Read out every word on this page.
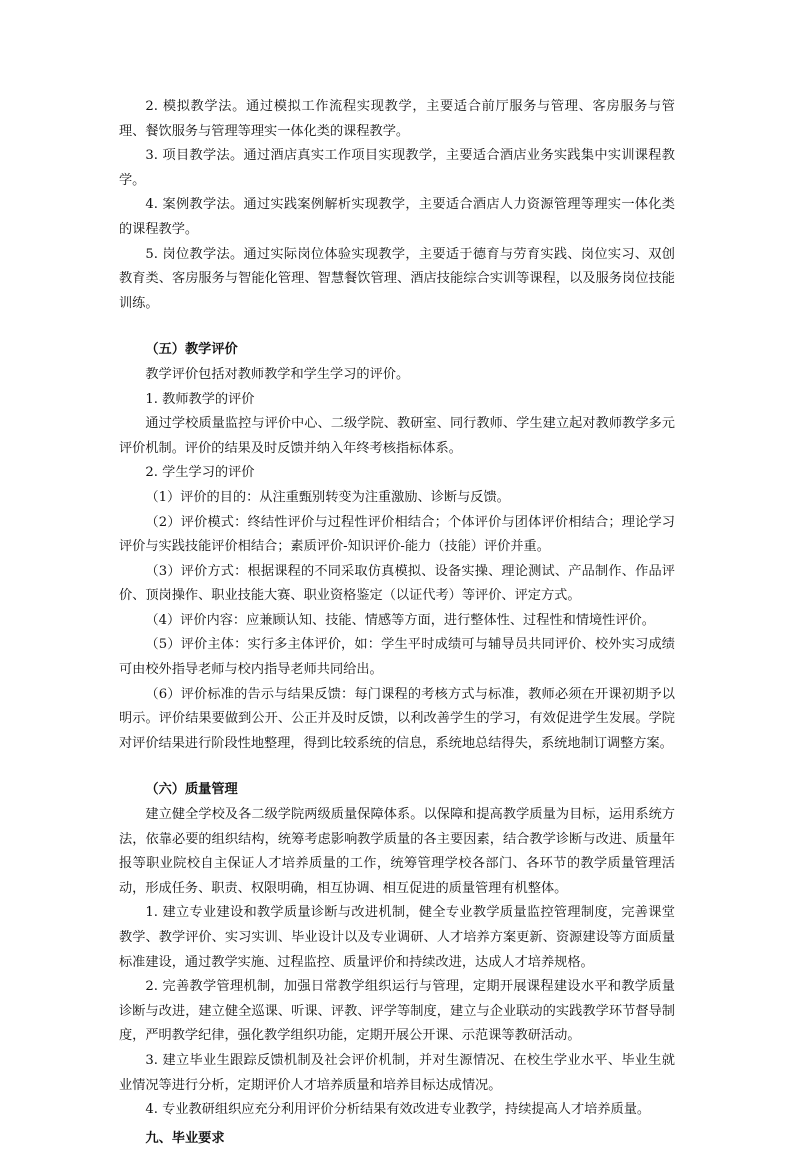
2. 模拟教学法。通过模拟工作流程实现教学，主要适合前厅服务与管理、客房服务与管理、餐饮服务与管理等理实一体化类的课程教学。

3. 项目教学法。通过酒店真实工作项目实现教学，主要适合酒店业务实践集中实训课程教学。

4. 案例教学法。通过实践案例解析实现教学，主要适合酒店人力资源管理等理实一体化类的课程教学。

5. 岗位教学法。通过实际岗位体验实现教学，主要适于德育与劳育实践、岗位实习、双创教育类、客房服务与智能化管理、智慧餐饮管理、酒店技能综合实训等课程，以及服务岗位技能训练。

（五）教学评价

教学评价包括对教师教学和学生学习的评价。

1. 教师教学的评价

通过学校质量监控与评价中心、二级学院、教研室、同行教师、学生建立起对教师教学多元评价机制。评价的结果及时反馈并纳入年终考核指标体系。

2. 学生学习的评价

（1）评价的目的：从注重甄别转变为注重激励、诊断与反馈。

（2）评价模式：终结性评价与过程性评价相结合；个体评价与团体评价相结合；理论学习评价与实践技能评价相结合；素质评价-知识评价-能力（技能）评价并重。

（3）评价方式：根据课程的不同采取仿真模拟、设备实操、理论测试、产品制作、作品评价、顶岗操作、职业技能大赛、职业资格鉴定（以证代考）等评价、评定方式。

（4）评价内容：应兼顾认知、技能、情感等方面，进行整体性、过程性和情境性评价。

（5）评价主体：实行多主体评价，如：学生平时成绩可与辅导员共同评价、校外实习成绩可由校外指导老师与校内指导老师共同给出。

（6）评价标准的告示与结果反馈：每门课程的考核方式与标准，教师必须在开课初期予以明示。评价结果要做到公开、公正并及时反馈，以利改善学生的学习，有效促进学生发展。学院对评价结果进行阶段性地整理，得到比较系统的信息，系统地总结得失，系统地制订调整方案。

（六）质量管理

建立健全学校及各二级学院两级质量保障体系。以保障和提高教学质量为目标，运用系统方法，依靠必要的组织结构，统筹考虑影响教学质量的各主要因素，结合教学诊断与改进、质量年报等职业院校自主保证人才培养质量的工作，统筹管理学校各部门、各环节的教学质量管理活动，形成任务、职责、权限明确，相互协调、相互促进的质量管理有机整体。

1. 建立专业建设和教学质量诊断与改进机制，健全专业教学质量监控管理制度，完善课堂教学、教学评价、实习实训、毕业设计以及专业调研、人才培养方案更新、资源建设等方面质量标准建设，通过教学实施、过程监控、质量评价和持续改进，达成人才培养规格。

2. 完善教学管理机制，加强日常教学组织运行与管理，定期开展课程建设水平和教学质量诊断与改进，建立健全巡课、听课、评教、评学等制度，建立与企业联动的实践教学环节督导制度，严明教学纪律，强化教学组织功能，定期开展公开课、示范课等教研活动。

3. 建立毕业生跟踪反馈机制及社会评价机制，并对生源情况、在校生学业水平、毕业生就业情况等进行分析，定期评价人才培养质量和培养目标达成情况。

4. 专业教研组织应充分利用评价分析结果有效改进专业教学，持续提高人才培养质量。

九、毕业要求
